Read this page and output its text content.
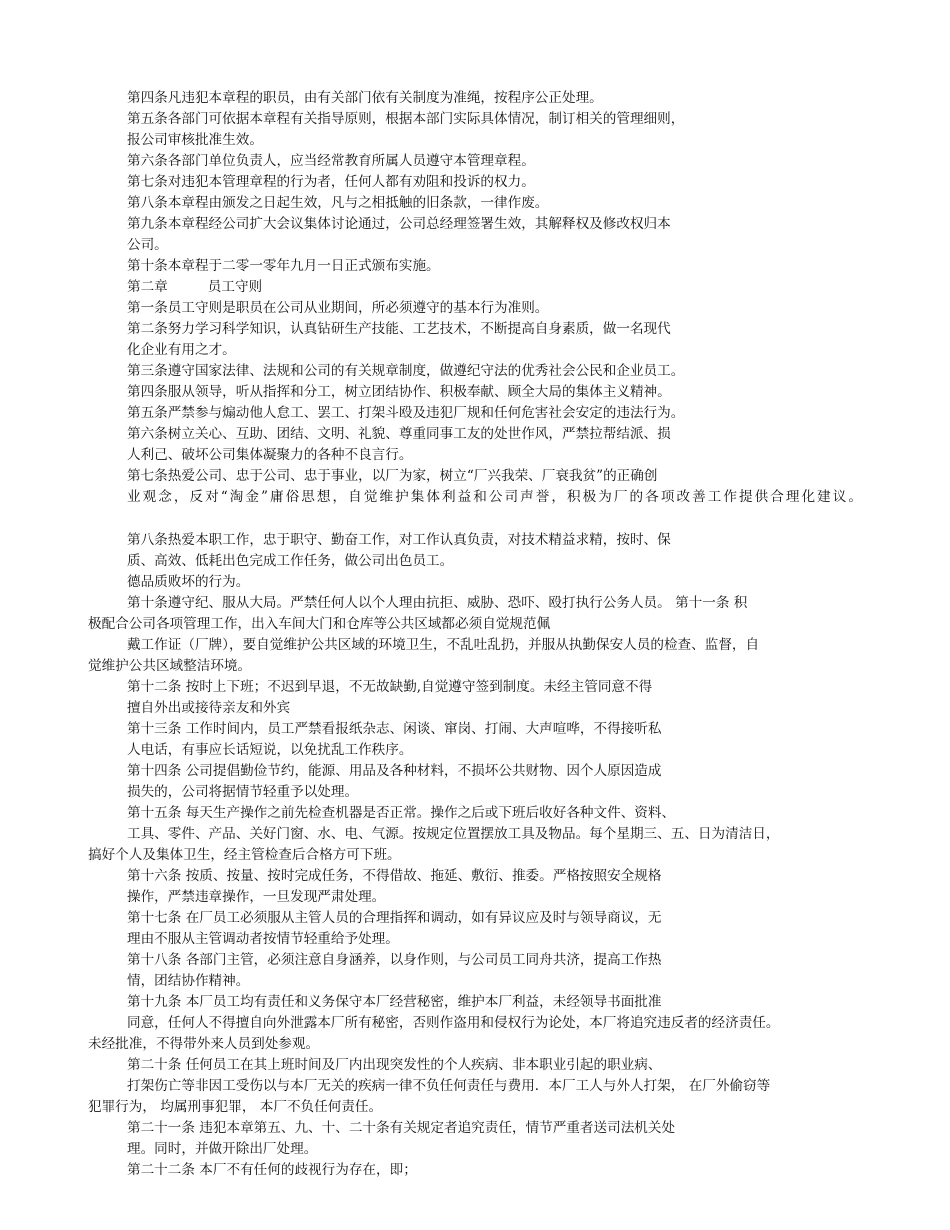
第四条凡违犯本章程的职员，由有关部门依有关制度为准绳，按程序公正处理。
第五条各部门可依据本章程有关指导原则，根据本部门实际具体情况，制订相关的管理细则，
报公司审核批准生效。
第六条各部门单位负责人，应当经常教育所属人员遵守本管理章程。
第七条对违犯本管理章程的行为者，任何人都有劝阻和投诉的权力。
第八条本章程由颁发之日起生效，凡与之相抵触的旧条款，一律作废。
第九条本章程经公司扩大会议集体讨论通过，公司总经理签署生效，其解释权及修改权归本
公司。
第十条本章程于二零一零年九月一日正式颁布实施。
第二章	员工守则
第一条员工守则是职员在公司从业期间，所必须遵守的基本行为准则。
第二条努力学习科学知识，认真钻研生产技能、工艺技术，不断提高自身素质，做一名现代
化企业有用之才。
第三条遵守国家法律、法规和公司的有关规章制度，做遵纪守法的优秀社会公民和企业员工。
第四条服从领导，听从指挥和分工，树立团结协作、积极奉献、顾全大局的集体主义精神。
第五条严禁参与煽动他人怠工、罢工、打架斗殴及违犯厂规和任何危害社会安定的违法行为。
第六条树立关心、互助、团结、文明、礼貌、尊重同事工友的处世作风，严禁拉帮结派、损
人利己、破坏公司集体凝聚力的各种不良言行。
第七条热爱公司、忠于公司、忠于事业，以厂为家，树立“厂兴我荣、厂衰我贫”的正确创
业观念，反对“淘金”庸俗思想，自觉维护集体利益和公司声誉，积极为厂的各项改善工作提供合理化建议。
第八条热爱本职工作，忠于职守、勤奋工作，对工作认真负责，对技术精益求精，按时、保
质、高效、低耗出色完成工作任务，做公司出色员工。
德品质败坏的行为。
第十条遵守纪、服从大局。严禁任何人以个人理由抗拒、威胁、恐吓、殴打执行公务人员。 第十一条 积
极配合公司各项管理工作，出入车间大门和仓库等公共区域都必须自觉规范佩
戴工作证（厂牌），要自觉维护公共区域的环境卫生，不乱吐乱扔，并服从执勤保安人员的检查、监督，自
觉维护公共区域整洁环境。
第十二条 按时上下班；不迟到早退，不无故缺勤,自觉遵守签到制度。未经主管同意不得
擅自外出或接待亲友和外宾
第十三条 工作时间内，员工严禁看报纸杂志、闲谈、窜岗、打闹、大声喧哗，不得接听私
人电话，有事应长话短说，以免扰乱工作秩序。
第十四条 公司提倡勤俭节约，能源、用品及各种材料，不损坏公共财物、因个人原因造成
损失的，公司将据情节轻重予以处理。
第十五条 每天生产操作之前先检查机器是否正常。操作之后或下班后收好各种文件、资料、
工具、零件、产品、关好门窗、水、电、气源。按规定位置摆放工具及物品。每个星期三、五、日为清洁日，
搞好个人及集体卫生，经主管检查后合格方可下班。
第十六条 按质、按量、按时完成任务，不得借故、拖延、敷衍、推委。严格按照安全规格
操作，严禁违章操作，一旦发现严肃处理。
第十七条 在厂员工必须服从主管人员的合理指挥和调动，如有异议应及时与领导商议，无
理由不服从主管调动者按情节轻重给予处理。
第十八条 各部门主管，必须注意自身涵养，以身作则，与公司员工同舟共济，提高工作热
情，团结协作精神。
第十九条 本厂员工均有责任和义务保守本厂经营秘密，维护本厂利益，未经领导书面批准
同意，任何人不得擅自向外泄露本厂所有秘密，否则作盗用和侵权行为论处，本厂将追究违反者的经济责任。
未经批准，不得带外来人员到处参观。
第二十条 任何员工在其上班时间及厂内出现突发性的个人疾病、非本职业引起的职业病、
打架伤亡等非因工受伤以与本厂无关的疾病一律不负任何责任与费用．本厂工人与外人打架， 在厂外偷窃等
犯罪行为， 均属刑事犯罪， 本厂不负任何责任。
第二十一条 违犯本章第五、九、十、二十条有关规定者追究责任，情节严重者送司法机关处
理。同时，并做开除出厂处理。
第二十二条 本厂不有任何的歧视行为存在，即；
